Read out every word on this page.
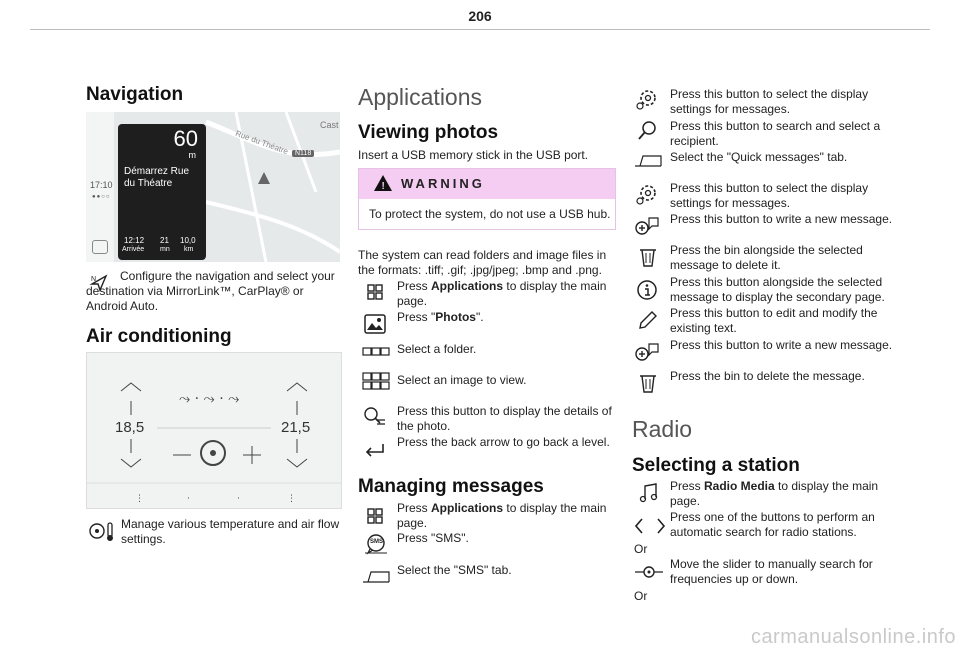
206
Navigation
17:10
●●○○
Rue du Théatre
Cast
N118
60
m
Démarrez Rue
du Théatre
12:12
Arrivée
21
mn
10,0
km
N	Configure the navigation and select your destination via MirrorLink™, CarPlay® or Android Auto.
Air conditioning
⤳ · ⤳ · ⤳
⋮	·	·	⋮
18,5	21,5
Manage various temperature and air flow settings.
Applications
Viewing photos
Insert a USB memory stick in the USB port.
! WARNING
To protect the system, do not use a USB hub.
The system can read folders and image files in the formats: .tiff; .gif; .jpg/jpeg; .bmp and .png.
Press Applications to display the main page.
Press "Photos".
Select a folder.
Select an image to view.
Press this button to display the details of the photo.
Press the back arrow to go back a level.
Managing messages
Press Applications to display the main page.
SMS Press "SMS".
Select the "SMS" tab.
Press this button to select the display settings for messages.
Press this button to search and select a recipient.
Select the "Quick messages" tab.
Press this button to select the display settings for messages.
Press this button to write a new message.
Press the bin alongside the selected message to delete it.
Press this button alongside the selected message to display the secondary page.
Press this button to edit and modify the existing text.
Press this button to write a new message.
Press the bin to delete the message.
Radio
Selecting a station
Press Radio Media to display the main page.
Press one of the buttons to perform an automatic search for radio stations.
Or
Move the slider to manually search for frequencies up or down.
Or
carmanualsonline.info
